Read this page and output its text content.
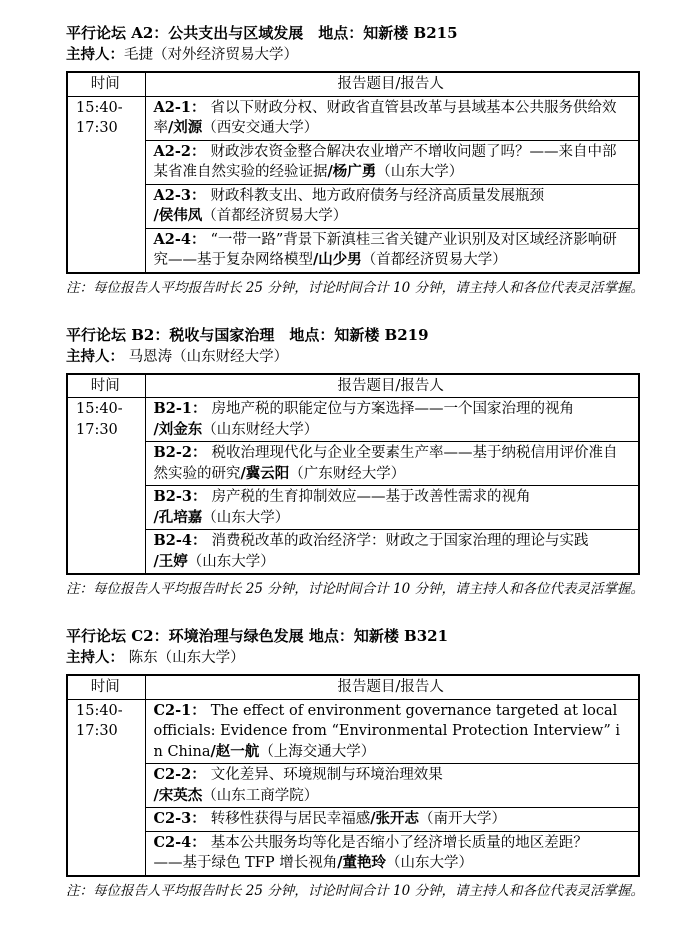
平行论坛 A2：公共支出与区域发展　地点：知新楼 B215
主持人：毛捷（对外经济贸易大学）
时间	报告题目/报告人

15:40-
17:30	A2-1： 省以下财政分权、财政省直管县改革与县域基本公共服务供给效率/刘源（西安交通大学）
	A2-2： 财政涉农资金整合解决农业增产不增收问题了吗？——来自中部某省准自然实验的经验证据/杨广勇（山东大学）
	A2-3： 财政科教支出、地方政府债务与经济高质量发展瓶颈
/侯伟凤（首都经济贸易大学）

	A2-4： “一带一路”背景下新滇桂三省关键产业识别及对区域经济影响研究——基于复杂网络模型/山少男（首都经济贸易大学）
注：每位报告人平均报告时长 25 分钟，讨论时间合计 10 分钟，请主持人和各位代表灵活掌握。
平行论坛 B2：税收与国家治理　地点：知新楼 B219
主持人： 马恩涛（山东财经大学）
时间	报告题目/报告人

15:40-
17:30
	B2-1： 房地产税的职能定位与方案选择——一个国家治理的视角
/刘金东（山东财经大学）

	B2-2： 税收治理现代化与企业全要素生产率——基于纳税信用评价准自然实验的研究/冀云阳（广东财经大学）
	B2-3： 房产税的生育抑制效应——基于改善性需求的视角
/孔培嘉（山东大学）

	B2-4： 消费税改革的政治经济学：财政之于国家治理的理论与实践
/王婷（山东大学）
注：每位报告人平均报告时长 25 分钟，讨论时间合计 10 分钟，请主持人和各位代表灵活掌握。
平行论坛 C2：环境治理与绿色发展 地点：知新楼 B321
主持人： 陈东（山东大学）
时间	报告题目/报告人

15:40-
17:30	C2-1： The effect of environment governance targeted at local officials: Evidence from “Environmental Protection Interview” in China/赵一航（上海交通大学）
	C2-2： 文化差异、环境规制与环境治理效果
/宋英杰（山东工商学院）

	C2-3： 转移性获得与居民幸福感/张开志（南开大学）
	C2-4： 基本公共服务均等化是否缩小了经济增长质量的地区差距？
——基于绿色 TFP 增长视角/董艳玲（山东大学）
注：每位报告人平均报告时长 25 分钟，讨论时间合计 10 分钟，请主持人和各位代表灵活掌握。
